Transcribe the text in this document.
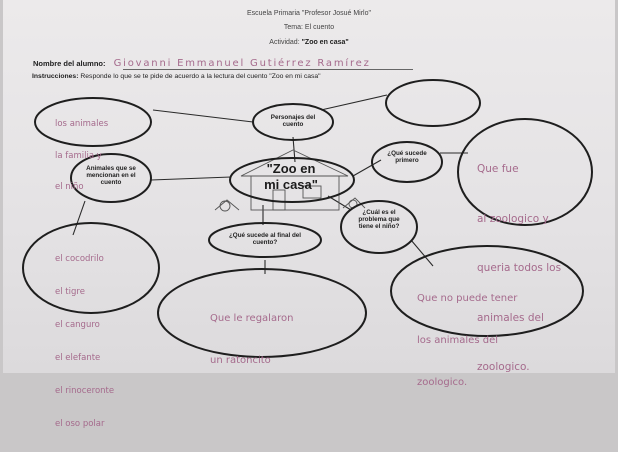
Escuela Primaria "Profesor Josué Mirlo"
Tema: El cuento
Actividad: "Zoo en casa"
Nombre del alumno: Giovanni Emmanuel Gutiérrez Ramírez
Instrucciones: Responde lo que se te pide de acuerdo a la lectura del cuento "Zoo en mi casa"
"Zoo en
mi casa"
Personajes del cuento
Animales que se mencionan en el cuento
¿Qué sucede primero
¿Qué sucede al final del cuento?
¿Cuál es el problema que tiene el niño?

los animales

la familia y

el niño

Que fue

al zoologico y

queria todos los

animales del

zoologico.

el cocodrilo

el tigre

el canguro

el elefante

el rinoceronte

el oso polar

Que le regalaron

un ratoncito

Que no puede tener

los animales del

zoologico.
